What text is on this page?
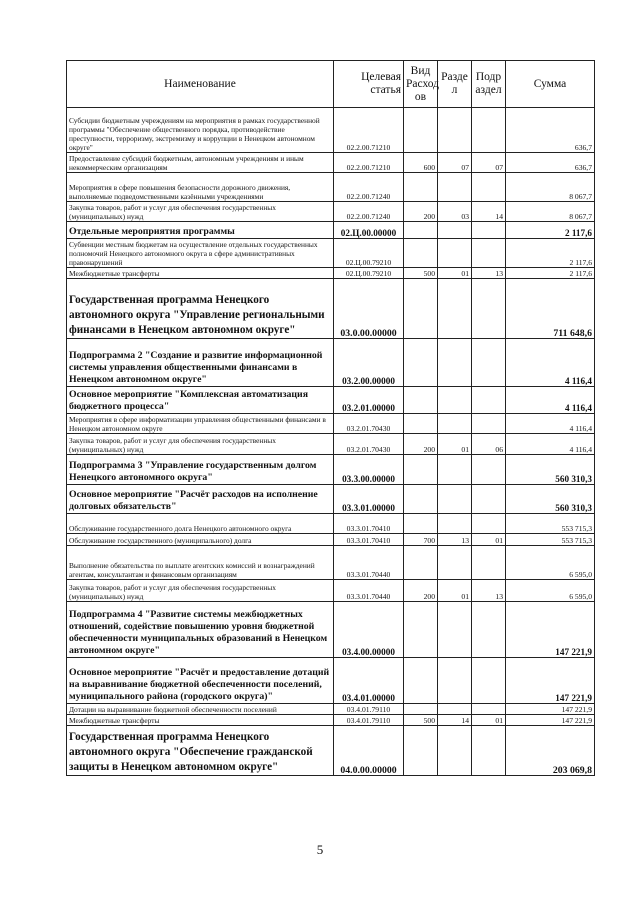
Наименование	Целевая статья	Вид Расход ов	Разде л	Подр аздел	Сумма
Субсидии бюджетным учреждениям на мероприятия в рамках государственной программы "Обеспечение общественного порядка, противодействие преступности, терроризму, экстремизму и коррупции в Ненецком автономном округе"	02.2.00.71210				636,7
Предоставление субсидий бюджетным, автономным учреждениям и иным некоммерческим организациям	02.2.00.71210	600	07	07	636,7
Мероприятия в сфере повышения безопасности дорожного движения, выполняемые подведомственными казёнными учреждениями	02.2.00.71240				8 067,7
Закупка товаров, работ и услуг для обеспечения государственных (муниципальных) нужд	02.2.00.71240	200	03	14	8 067,7
Отдельные мероприятия программы	02.Ц.00.00000				2 117,6
Субвенции местным бюджетам на осуществление отдельных государственных полномочий Ненецкого автономного округа в сфере административных правонарушений	02.Ц.00.79210				2 117,6
Межбюджетные трансферты	02.Ц.00.79210	500	01	13	2 117,6
Государственная программа Ненецкого автономного округа "Управление региональными финансами в Ненецком автономном округе"	03.0.00.00000				711 648,6
Подпрограмма 2 "Создание и развитие информационной системы управления общественными финансами в Ненецком автономном округе"	03.2.00.00000				4 116,4
Основное мероприятие "Комплексная автоматизация бюджетного процесса"	03.2.01.00000				4 116,4
Мероприятия в сфере информатизации управления общественными финансами в Ненецком автономном округе	03.2.01.70430				4 116,4
Закупка товаров, работ и услуг для обеспечения государственных (муниципальных) нужд	03.2.01.70430	200	01	06	4 116,4
Подпрограмма 3 "Управление государственным долгом Ненецкого автономного округа"	03.3.00.00000				560 310,3
Основное мероприятие "Расчёт расходов на исполнение долговых обязательств"	03.3.01.00000				560 310,3
Обслуживание государственного долга Ненецкого автономного округа	03.3.01.70410				553 715,3
Обслуживание государственного (муниципального) долга	03.3.01.70410	700	13	01	553 715,3
Выполнение обязательства по выплате агентских комиссий и вознаграждений агентам, консультантам и финансовым организациям	03.3.01.70440				6 595,0
Закупка товаров, работ и услуг для обеспечения государственных (муниципальных) нужд	03.3.01.70440	200	01	13	6 595,0
Подпрограмма 4 "Развитие системы межбюджетных отношений, содействие повышению уровня бюджетной обеспеченности муниципальных образований в Ненецком автономном округе"	03.4.00.00000				147 221,9
Основное мероприятие "Расчёт и предоставление дотаций на выравнивание бюджетной обеспеченности поселений, муниципального района (городского округа)"	03.4.01.00000				147 221,9
Дотации на выравнивание бюджетной обеспеченности поселений	03.4.01.79110				147 221,9
Межбюджетные трансферты	03.4.01.79110	500	14	01	147 221,9
Государственная программа Ненецкого автономного округа "Обеспечение гражданской защиты в Ненецком автономном округе"	04.0.00.00000				203 069,8
5
